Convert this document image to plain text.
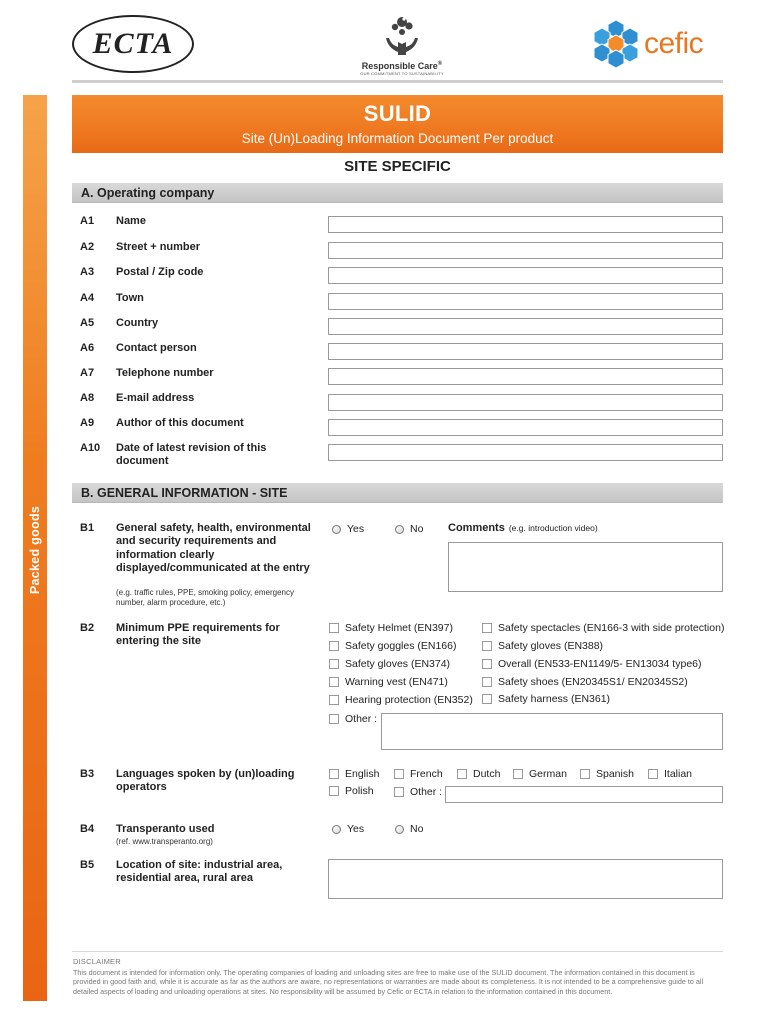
ECTA
Responsible Care®
OUR COMMITMENT TO SUSTAINABILITY
cefic
Packed goods
SULID
Site (Un)Loading Information Document Per product
SITE SPECIFIC
A. Operating company
A1 Name
A2 Street + number
A3 Postal / Zip code
A4 Town
A5 Country
A6 Contact person
A7 Telephone number
A8 E-mail address
A9 Author of this document
A10 Date of latest revision of this document
B. GENERAL INFORMATION - SITE
B1 General safety, health, environmental and security requirements and information clearly displayed/communicated at the entry
(e.g. traffic rules, PPE, smoking policy, emergency number, alarm procedure, etc.)
Yes	No Comments (e.g. introduction video)
B2 Minimum PPE requirements for entering the site
Safety Helmet (EN397)
Safety goggles (EN166)
Safety gloves (EN374)
Warning vest (EN471)
Hearing protection (EN352)
Safety spectacles (EN166-3 with side protection)
Safety gloves (EN388)
Overall (EN533-EN1149/5- EN13034 type6)
Safety shoes (EN20345S1/ EN20345S2)
Safety harness (EN361)
Other :
B3 Languages spoken by (un)loading operators
English	French	Dutch	German	Spanish	Italian
Polish	Other :
B4 Transperanto used
(ref. www.transperanto.org)
Yes	No
B5 Location of site: industrial area, residential area, rural area
DISCLAIMER
This document is intended for information only. The operating companies of loading and unloading sites are free to make use of the SULID document. The information contained in this document is provided in good faith and, while it is accurate as far as the authors are aware, no representations or warranties are made about its completeness. It is not intended to be a comprehensive guide to all detailed aspects of loading and unloading operations at sites. No responsibility will be assumed by Cefic or ECTA in relation to the information contained in this document.
